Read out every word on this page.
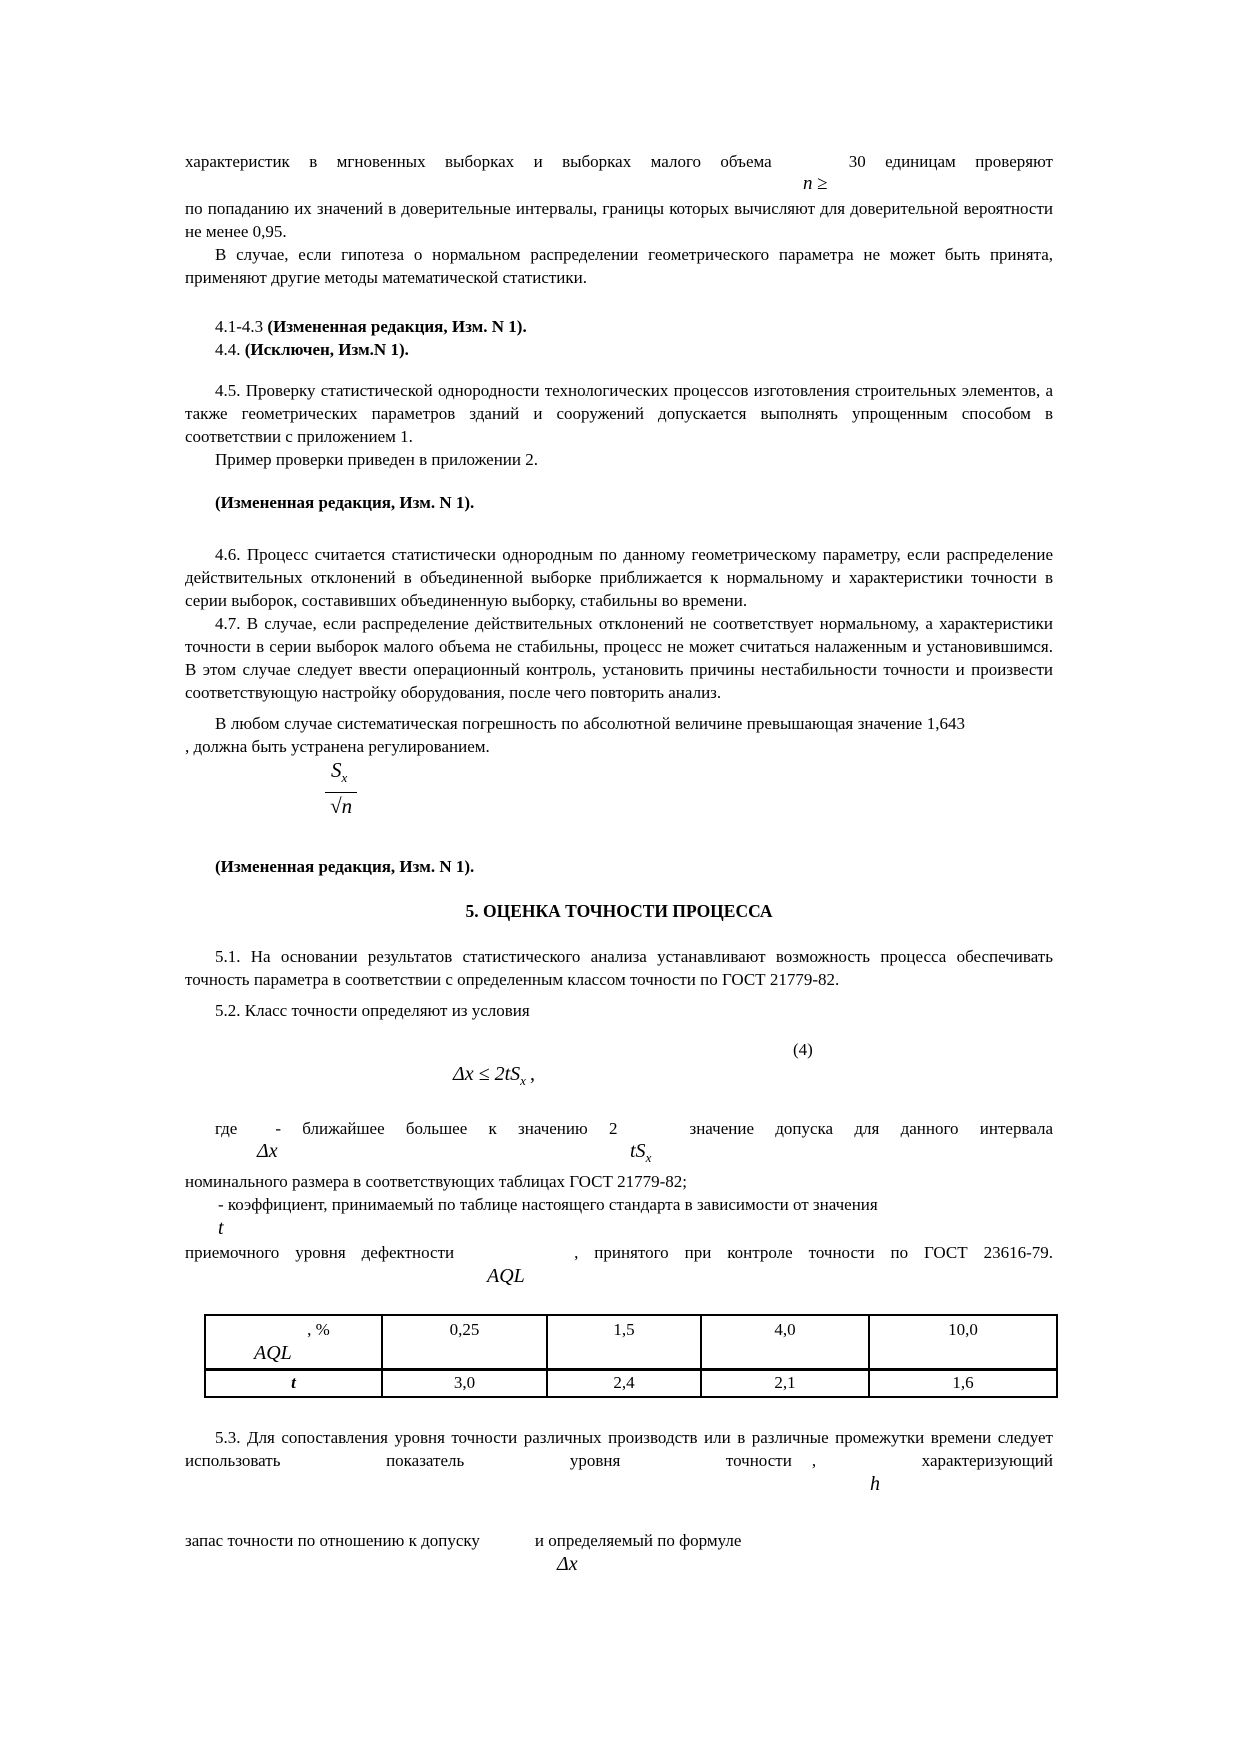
характеристик в мгновенных выборках и выборках малого объема	30 единицам проверяют
n ≥

по попаданию их значений в доверительные интервалы, границы которых вычисляют для доверительной вероятности не менее 0,95.

В случае, если гипотеза о нормальном распределении геометрического параметра не может быть принята, применяют другие методы математической статистики.

4.1-4.3 (Измененная редакция, Изм. N 1).

4.4. (Исключен, Изм.N 1).

4.5. Проверку статистической однородности технологических процессов изготовления строительных элементов, а также геометрических параметров зданий и сооружений допускается выполнять упрощенным способом в соответствии с приложением 1.

Пример проверки приведен в приложении 2.

(Измененная редакция, Изм. N 1).

4.6. Процесс считается статистически однородным по данному геометрическому параметру, если распределение действительных отклонений в объединенной выборке приближается к нормальному и характеристики точности в серии выборок, составивших объединенную выборку, стабильны во времени.

4.7. В случае, если распределение действительных отклонений не соответствует нормальному, а характеристики точности в серии выборок малого объема не стабильны, процесс не может считаться налаженным и установившимся. В этом случае следует ввести операционный контроль, установить причины нестабильности точности и произвести соответствующую настройку оборудования, после чего повторить анализ.

В любом случае систематическая погрешность по абсолютной величине превышающая значение 1,643, должна быть устранена регулированием.

$\frac{S_x}{√n}$

(Измененная редакция, Изм. N 1).

5. ОЦЕНКА ТОЧНОСТИ ПРОЦЕССА

5.1. На основании результатов статистического анализа устанавливают возможность процесса обеспечивать точность параметра в соответствии с определенным классом точности по ГОСТ 21779-82.

5.2. Класс точности определяют из условия

(4)
$\Delta x \le 2tS_x$ ,
где - ближайшее большее к значению 2	значение допуска для данного интервала
Δx	$tS_x$
номинального размера в соответствующих таблицах ГОСТ 21779-82;
- коэффициент, принимаемый по таблице настоящего стандарта в зависимости от значения
t
приемочного уровня дефектности	, принятого при контроле точности по ГОСТ 23616-79.
AQL
, %
AQL	0,25	1,5	4,0	10,0
t	3,0	2,4	2,1	1,6

5.3. Для сопоставления уровня точности различных производств или в различные промежутки времени следует использовать показатель уровня точности , характеризующий

h
запас точности по отношению к допуску	и определяемый по формуле
Δx
